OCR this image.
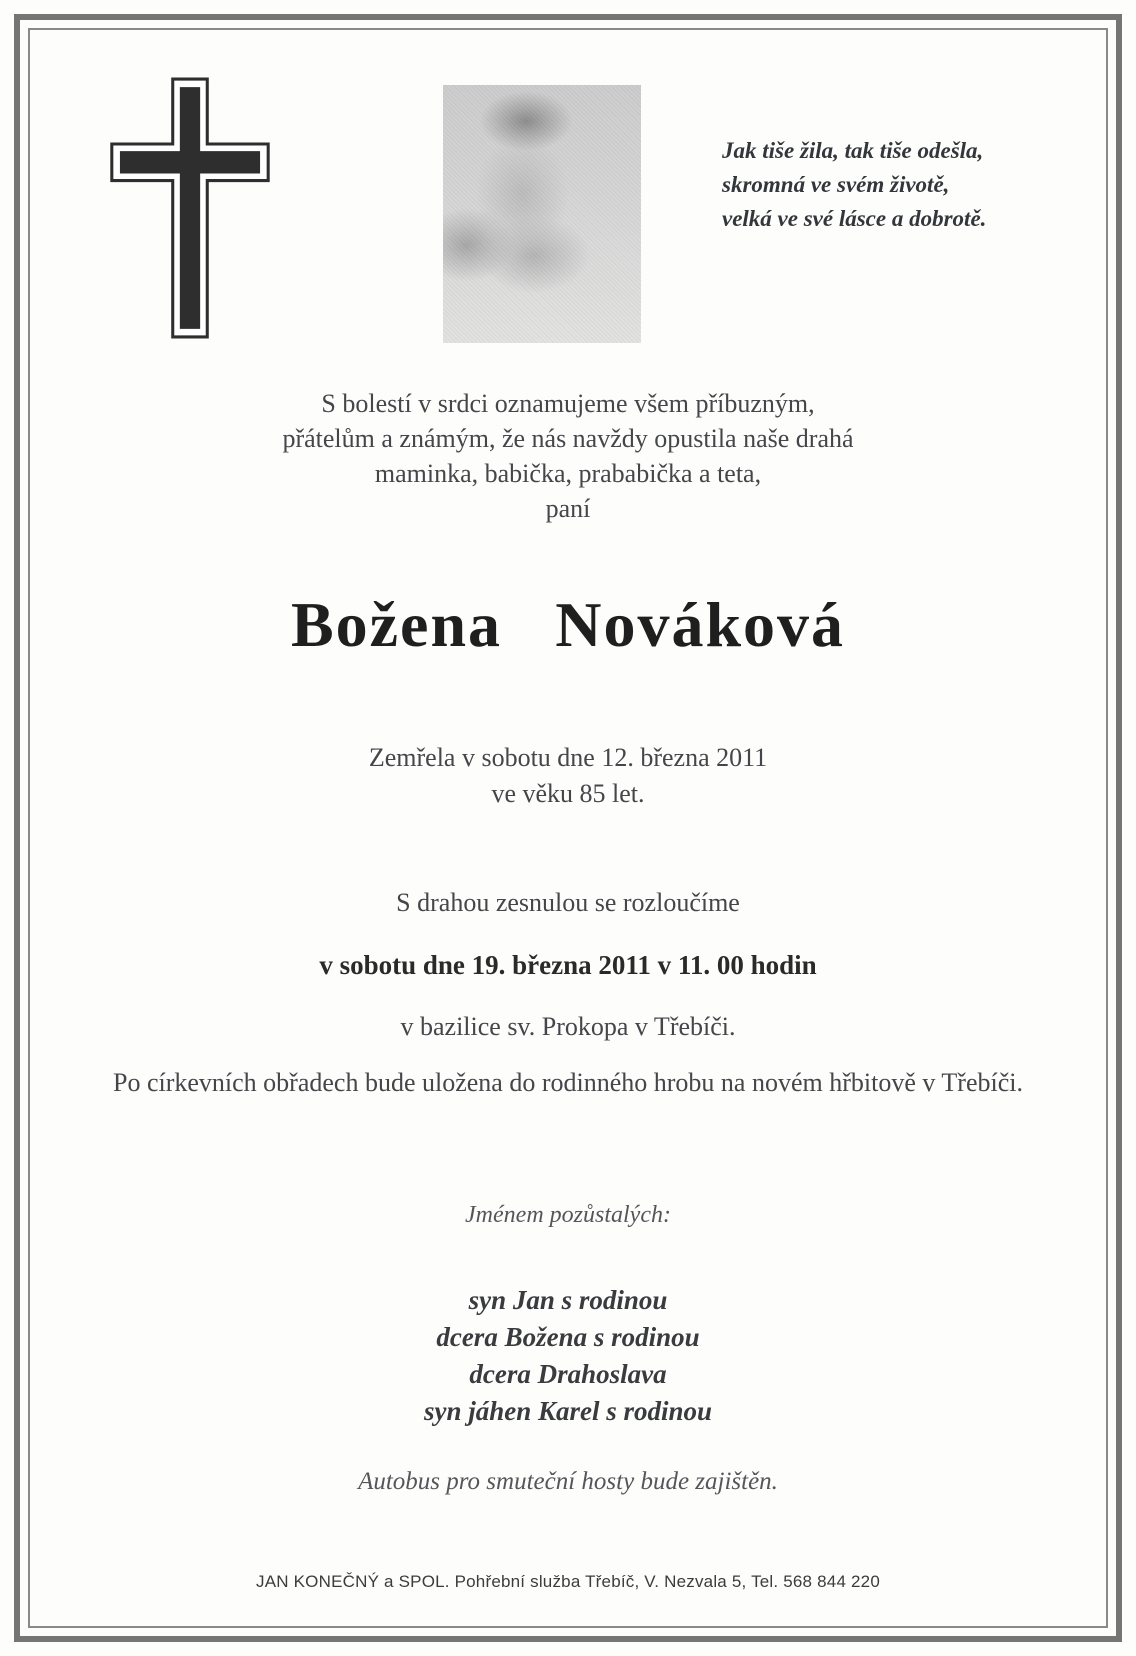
Jak tiše žila, tak tiše odešla,
skromná ve svém životě,
velká ve své lásce a dobrotě.
S bolestí v srdci oznamujeme všem příbuzným,
přátelům a známým, že nás navždy opustila naše drahá
maminka, babička, prababička a teta,
paní
Božena Nováková
Zemřela v sobotu dne 12. března 2011
ve věku 85 let.
S drahou zesnulou se rozloučíme
v sobotu dne 19. března 2011 v 11. 00 hodin
v bazilice sv. Prokopa v Třebíči.
Po církevních obřadech bude uložena do rodinného hrobu na novém hřbitově v Třebíči.
Jménem pozůstalých:
syn Jan s rodinou
dcera Božena s rodinou
dcera Drahoslava
syn jáhen Karel s rodinou
Autobus pro smuteční hosty bude zajištěn.
JAN KONEČNÝ a SPOL. Pohřební služba Třebíč, V. Nezvala 5, Tel. 568 844 220
